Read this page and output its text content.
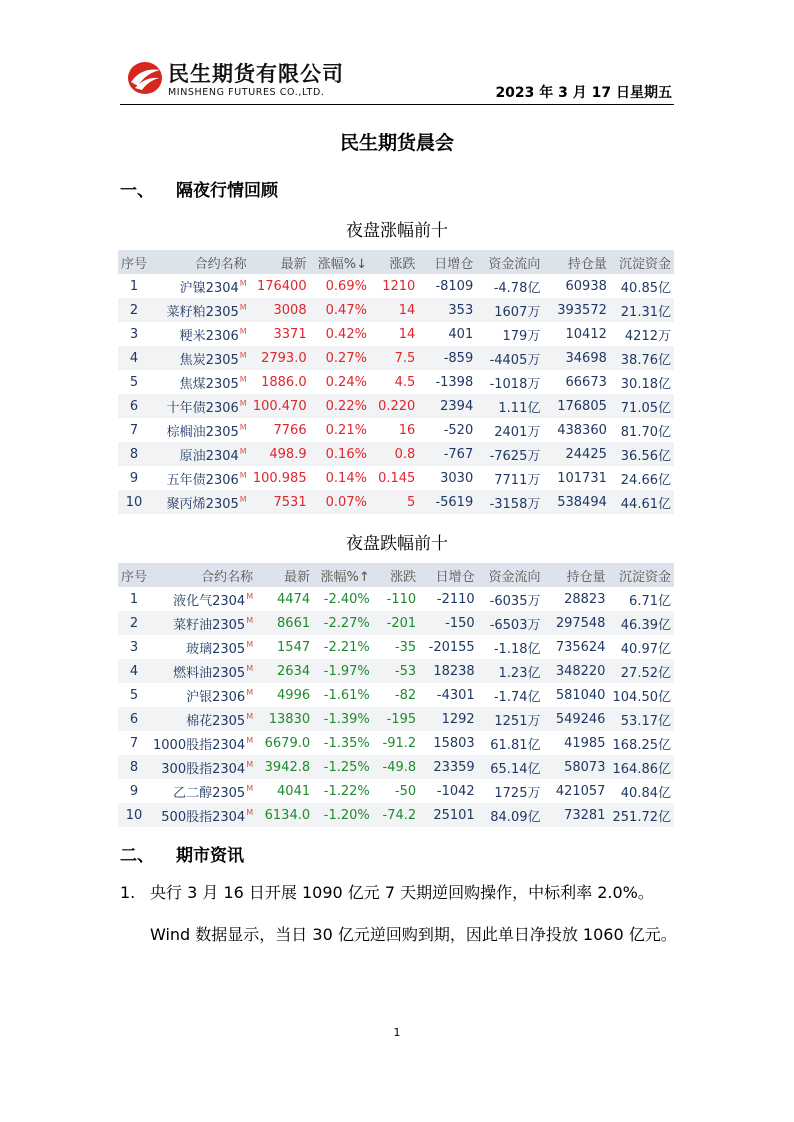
民生期货有限公司
MINSHENG FUTURES CO.,LTD.	2023 年 3 月 17 日星期五
民生期货晨会
一、 隔夜行情回顾
夜盘涨幅前十
序号	合约名称	最新	涨幅%↓	涨跌	日增仓	资金流向	持仓量	沉淀资金
1	沪镍$2304^M$	176400	0.69%	1210	-8109	-4.78亿	60938	40.85亿
2	菜籽粕$2305^M$	3008	0.47%	14	353	1607万	393572	21.31亿
3	粳米$2306^M$	3371	0.42%	14	401	179万	10412	4212万
4	焦炭$2305^M$	2793.0	0.27%	7.5	-859	-4405万	34698	38.76亿
5	焦煤$2305^M$	1886.0	0.24%	4.5	-1398	-1018万	66673	30.18亿
6	十年债$2306^M$	100.470	0.22%	0.220	2394	1.11亿	176805	71.05亿
7	棕榈油$2305^M$	7766	0.21%	16	-520	2401万	438360	81.70亿
8	原油$2304^M$	498.9	0.16%	0.8	-767	-7625万	24425	36.56亿
9	五年债$2306^M$	100.985	0.14%	0.145	3030	7711万	101731	24.66亿
10	聚丙烯$2305^M$	7531	0.07%	5	-5619	-3158万	538494	44.61亿
夜盘跌幅前十
序号	合约名称	最新	涨幅%↑	涨跌	日增仓	资金流向	持仓量	沉淀资金
1	液化气$2304^M$	4474	-2.40%	-110	-2110	-6035万	28823	6.71亿
2	菜籽油$2305^M$	8661	-2.27%	-201	-150	-6503万	297548	46.39亿
3	玻璃$2305^M$	1547	-2.21%	-35	-20155	-1.18亿	735624	40.97亿
4	燃料油$2305^M$	2634	-1.97%	-53	18238	1.23亿	348220	27.52亿
5	沪银$2306^M$	4996	-1.61%	-82	-4301	-1.74亿	581040	104.50亿
6	棉花$2305^M$	13830	-1.39%	-195	1292	1251万	549246	53.17亿
7	1000股指$2304^M$	6679.0	-1.35%	-91.2	15803	61.81亿	41985	168.25亿
8	300股指$2304^M$	3942.8	-1.25%	-49.8	23359	65.14亿	58073	164.86亿
9	乙二醇$2305^M$	4041	-1.22%	-50	-1042	1725万	421057	40.84亿
10	500股指$2304^M$	6134.0	-1.20%	-74.2	25101	84.09亿	73281	251.72亿
二、 期市资讯
1. 央行 3 月 16 日开展 1090 亿元 7 天期逆回购操作，中标利率 2.0%。Wind 数据显示，当日 30 亿元逆回购到期，因此单日净投放 1060 亿元。
1
